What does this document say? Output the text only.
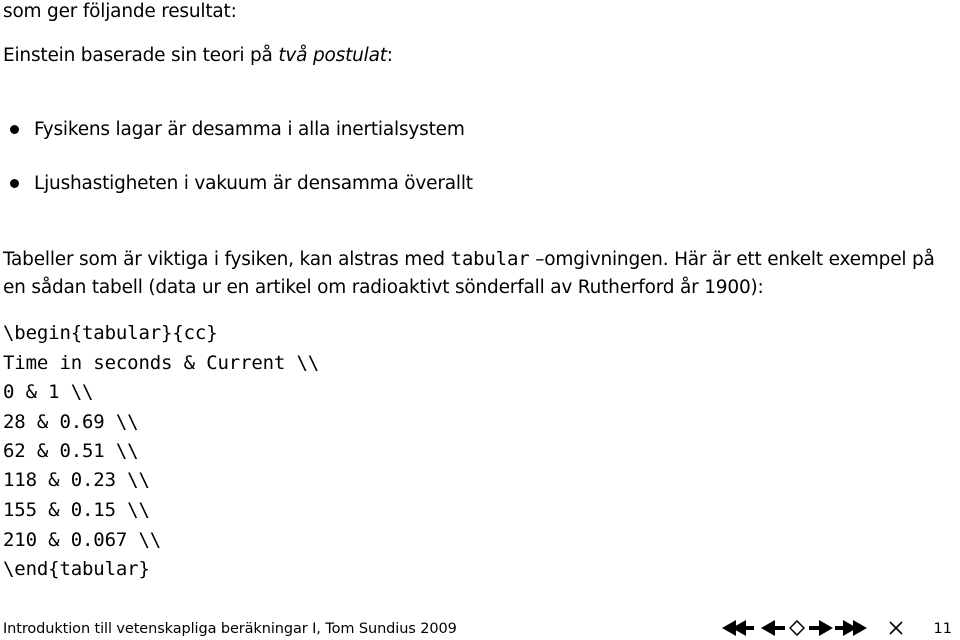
som ger följande resultat:
Einstein baserade sin teori på två postulat:
Fysikens lagar är desamma i alla inertialsystem
Ljushastigheten i vakuum är densamma överallt
Tabeller som är viktiga i fysiken, kan alstras med tabular –omgivningen. Här är ett enkelt exempel på
en sådan tabell (data ur en artikel om radioaktivt sönderfall av Rutherford år 1900):
\begin{tabular}{cc}
Time in seconds & Current \\
0 & 1 \\
28 & 0.69 \\
62 & 0.51 \\
118 & 0.23 \\
155 & 0.15 \\
210 & 0.067 \\
\end{tabular}
Introduktion till vetenskapliga beräkningar I, Tom Sundius 2009	11
